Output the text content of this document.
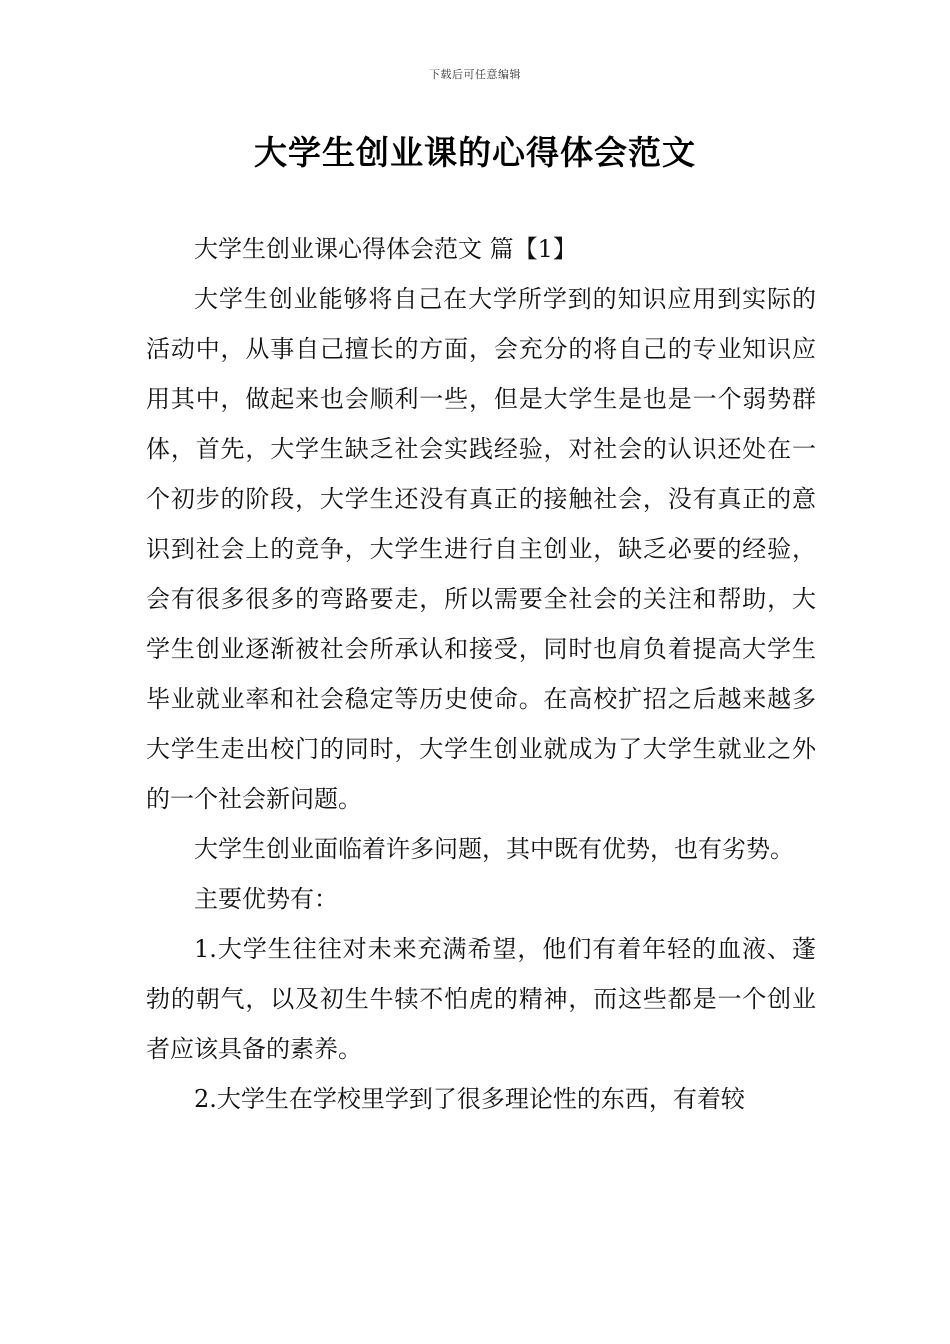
下载后可任意编辑
大学生创业课的心得体会范文

大学生创业课心得体会范文 篇【1】

大学生创业能够将自己在大学所学到的知识应用到实际的活动中，从事自己擅长的方面，会充分的将自己的专业知识应用其中，做起来也会顺利一些，但是大学生是也是一个弱势群体，首先，大学生缺乏社会实践经验，对社会的认识还处在一个初步的阶段，大学生还没有真正的接触社会，没有真正的意识到社会上的竞争，大学生进行自主创业，缺乏必要的经验，会有很多很多的弯路要走，所以需要全社会的关注和帮助，大学生创业逐渐被社会所承认和接受，同时也肩负着提高大学生毕业就业率和社会稳定等历史使命。在高校扩招之后越来越多大学生走出校门的同时，大学生创业就成为了大学生就业之外的一个社会新问题。

大学生创业面临着许多问题，其中既有优势，也有劣势。

主要优势有：

1.大学生往往对未来充满希望，他们有着年轻的血液、蓬勃的朝气，以及初生牛犊不怕虎的精神，而这些都是一个创业者应该具备的素养。

2.大学生在学校里学到了很多理论性的东西，有着较
